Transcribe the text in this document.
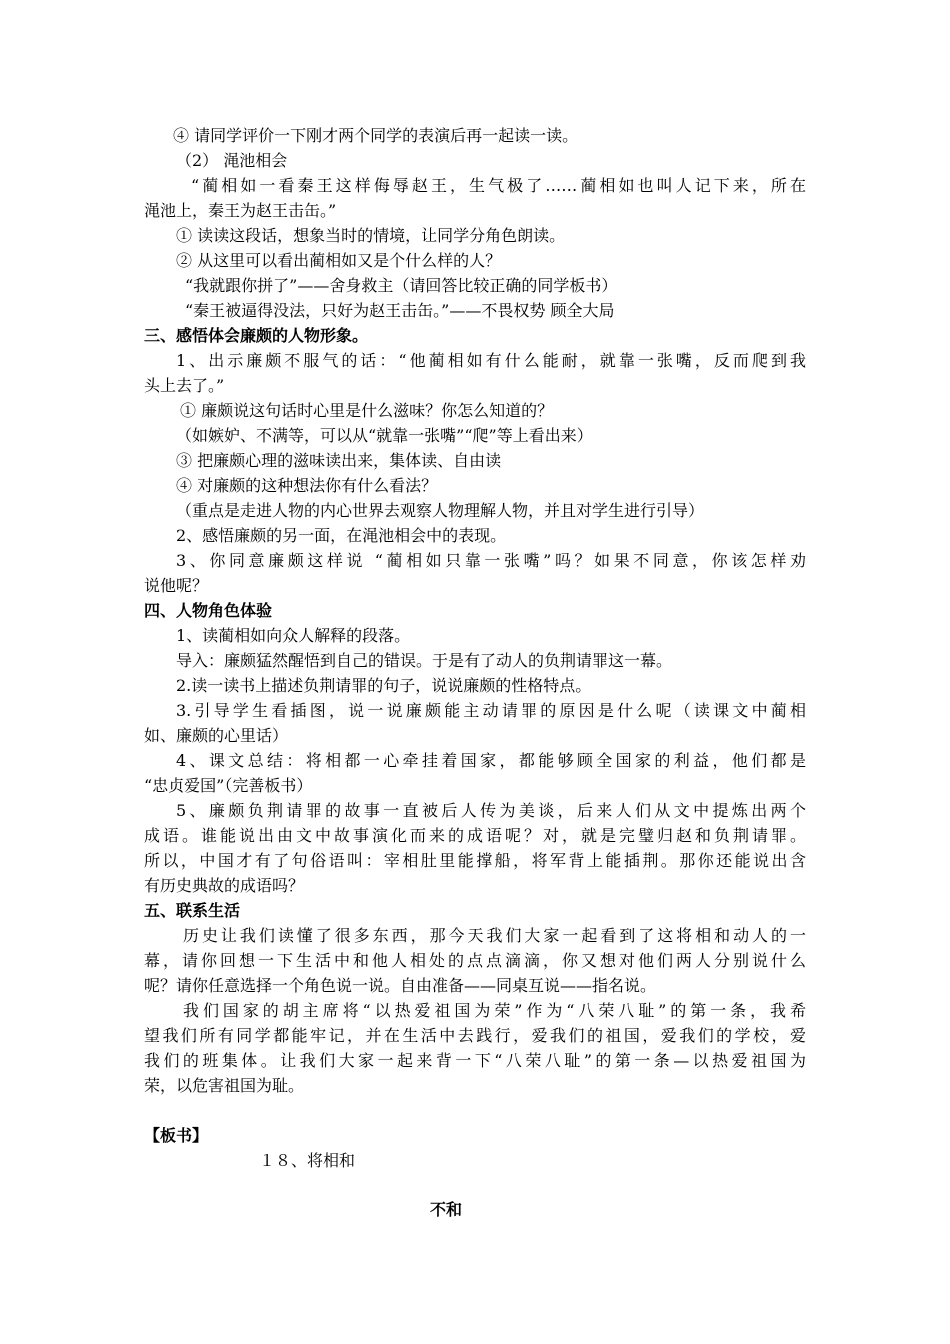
④ 请同学评价一下刚才两个同学的表演后再一起读一读。
（2） 渑池相会
“蔺相如一看秦王这样侮辱赵王，生气极了……蔺相如也叫人记下来，所在
渑池上，秦王为赵王击缶。”
① 读读这段话，想象当时的情境，让同学分角色朗读。
② 从这里可以看出蔺相如又是个什么样的人？
“我就跟你拼了”——舍身救主（请回答比较正确的同学板书）
“秦王被逼得没法，只好为赵王击缶。”——不畏权势 顾全大局
三、感悟体会廉颇的人物形象。
1、出示廉颇不服气的话：“他蔺相如有什么能耐，就靠一张嘴，反而爬到我
头上去了。”
① 廉颇说这句话时心里是什么滋味？你怎么知道的？
（如嫉妒、不满等，可以从“就靠一张嘴”“爬”等上看出来）
③ 把廉颇心理的滋味读出来，集体读、自由读
④ 对廉颇的这种想法你有什么看法？
（重点是走进人物的内心世界去观察人物理解人物，并且对学生进行引导）
2、感悟廉颇的另一面，在渑池相会中的表现。
3、你同意廉颇这样说 “蔺相如只靠一张嘴”吗？如果不同意，你该怎样劝
说他呢？
四、人物角色体验
1、读蔺相如向众人解释的段落。
导入：廉颇猛然醒悟到自己的错误。于是有了动人的负荆请罪这一幕。
2.读一读书上描述负荆请罪的句子，说说廉颇的性格特点。
3.引导学生看插图，说一说廉颇能主动请罪的原因是什么呢（读课文中蔺相
如、廉颇的心里话）
4、课文总结：将相都一心牵挂着国家，都能够顾全国家的利益，他们都是
“忠贞爱国”（完善板书）
5、廉颇负荆请罪的故事一直被后人传为美谈，后来人们从文中提炼出两个
成语。谁能说出由文中故事演化而来的成语呢？对，就是完璧归赵和负荆请罪。
所以，中国才有了句俗语叫：宰相肚里能撑船，将军背上能插荆。那你还能说出含
有历史典故的成语吗？
五、联系生活
历史让我们读懂了很多东西，那今天我们大家一起看到了这将相和动人的一
幕，请你回想一下生活中和他人相处的点点滴滴，你又想对他们两人分别说什么
呢？请你任意选择一个角色说一说。自由准备——同桌互说——指名说。
我们国家的胡主席将“以热爱祖国为荣”作为“八荣八耻”的第一条，我希
望我们所有同学都能牢记，并在生活中去践行，爱我们的祖国，爱我们的学校，爱
我们的班集体。让我们大家一起来背一下“八荣八耻”的第一条—以热爱祖国为
荣，以危害祖国为耻。
【板书】
１８、将相和
不和
